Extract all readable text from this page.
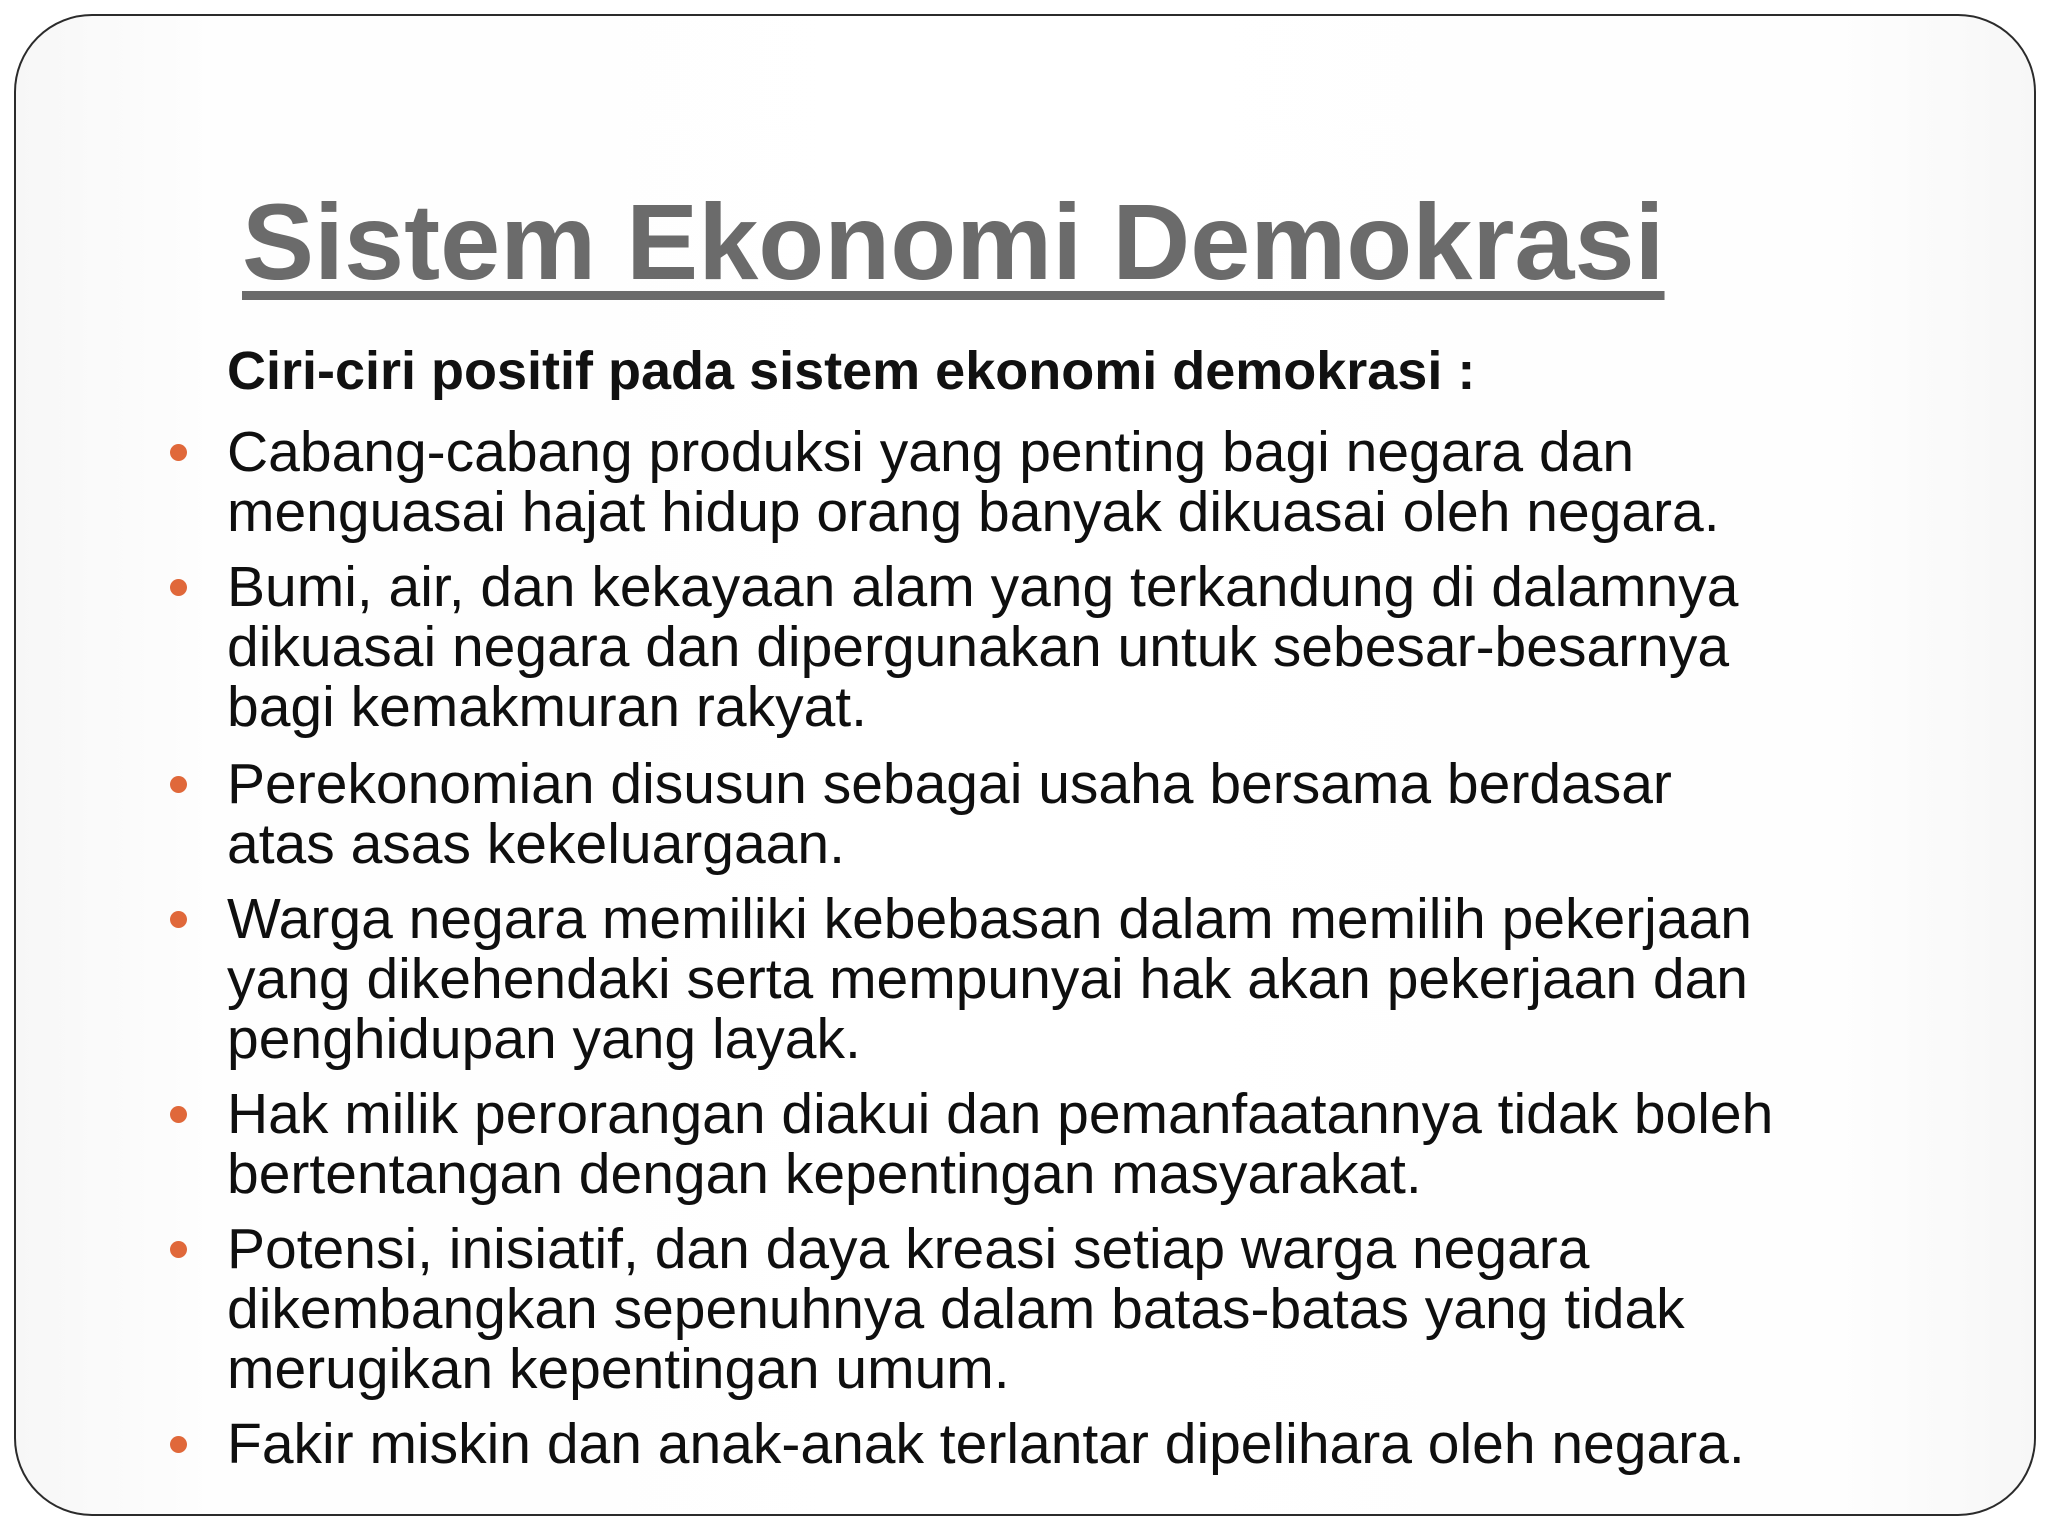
Sistem Ekonomi Demokrasi
Ciri-ciri positif pada sistem ekonomi demokrasi :
Cabang-cabang produksi yang penting bagi negara dan
menguasai hajat hidup orang banyak dikuasai oleh negara.
Bumi, air, dan kekayaan alam yang terkandung di dalamnya
dikuasai negara dan dipergunakan untuk sebesar-besarnya
bagi kemakmuran rakyat.
Perekonomian disusun sebagai usaha bersama berdasar
atas asas kekeluargaan.
Warga negara memiliki kebebasan dalam memilih pekerjaan
yang dikehendaki serta mempunyai hak akan pekerjaan dan
penghidupan yang layak.
Hak milik perorangan diakui dan pemanfaatannya tidak boleh
bertentangan dengan kepentingan masyarakat.
Potensi, inisiatif, dan daya kreasi setiap warga negara
dikembangkan sepenuhnya dalam batas-batas yang tidak
merugikan kepentingan umum.
Fakir miskin dan anak-anak terlantar dipelihara oleh negara.
